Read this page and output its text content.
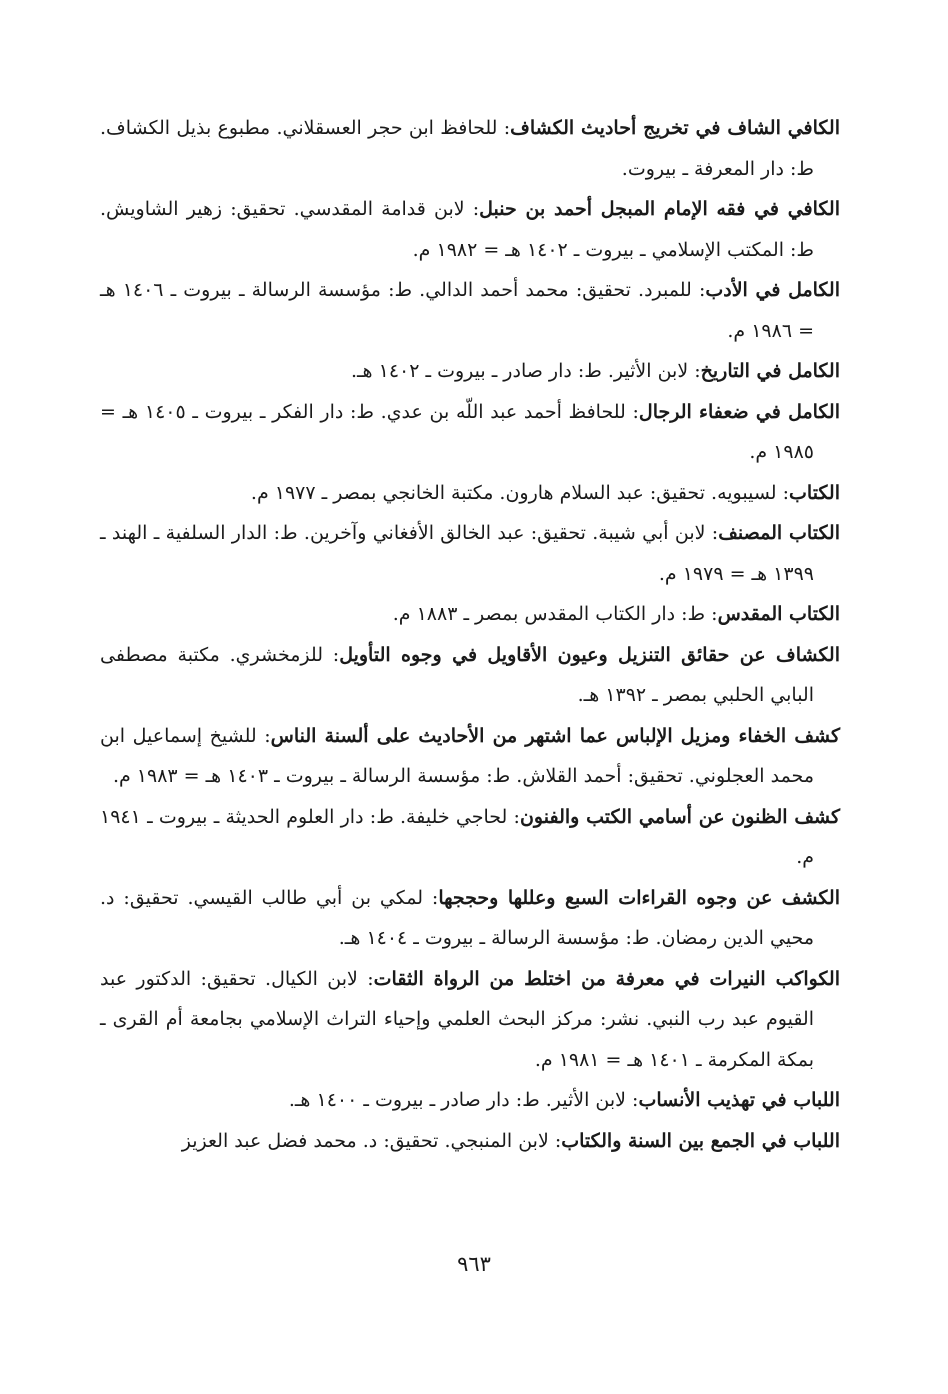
الكافي الشاف في تخريج أحاديث الكشاف: للحافظ ابن حجر العسقلاني. مطبوع بذيل الكشاف. ط: دار المعرفة ـ بيروت.

الكافي في فقه الإمام المبجل أحمد بن حنبل: لابن قدامة المقدسي. تحقيق: زهير الشاويش. ط: المكتب الإسلامي ـ بيروت ـ ١٤٠٢ هـ = ١٩٨٢ م.

الكامل في الأدب: للمبرد. تحقيق: محمد أحمد الدالي. ط: مؤسسة الرسالة ـ بيروت ـ ١٤٠٦ هـ = ١٩٨٦ م.

الكامل في التاريخ: لابن الأثير. ط: دار صادر ـ بيروت ـ ١٤٠٢ هـ.

الكامل في ضعفاء الرجال: للحافظ أحمد عبد اللّه بن عدي. ط: دار الفكر ـ بيروت ـ ١٤٠٥ هـ = ١٩٨٥ م.

الكتاب: لسيبويه. تحقيق: عبد السلام هارون. مكتبة الخانجي بمصر ـ ١٩٧٧ م.

الكتاب المصنف: لابن أبي شيبة. تحقيق: عبد الخالق الأفغاني وآخرين. ط: الدار السلفية ـ الهند ـ ١٣٩٩ هـ = ١٩٧٩ م.

الكتاب المقدس: ط: دار الكتاب المقدس بمصر ـ ١٨٨٣ م.

الكشاف عن حقائق التنزيل وعيون الأقاويل في وجوه التأويل: للزمخشري. مكتبة مصطفى البابي الحلبي بمصر ـ ١٣٩٢ هـ.

كشف الخفاء ومزيل الإلباس عما اشتهر من الأحاديث على ألسنة الناس: للشيخ إسماعيل ابن محمد العجلوني. تحقيق: أحمد القلاش. ط: مؤسسة الرسالة ـ بيروت ـ ١٤٠٣ هـ = ١٩٨٣ م.

كشف الظنون عن أسامي الكتب والفنون: لحاجي خليفة. ط: دار العلوم الحديثة ـ بيروت ـ ١٩٤١ م.

الكشف عن وجوه القراءات السبع وعللها وحججها: لمكي بن أبي طالب القيسي. تحقيق: د. محيي الدين رمضان. ط: مؤسسة الرسالة ـ بيروت ـ ١٤٠٤ هـ.

الكواكب النيرات في معرفة من اختلط من الرواة الثقات: لابن الكيال. تحقيق: الدكتور عبد القيوم عبد رب النبي. نشر: مركز البحث العلمي وإحياء التراث الإسلامي بجامعة أم القرى ـ بمكة المكرمة ـ ١٤٠١ هـ = ١٩٨١ م.

اللباب في تهذيب الأنساب: لابن الأثير. ط: دار صادر ـ بيروت ـ ١٤٠٠ هـ.

اللباب في الجمع بين السنة والكتاب: لابن المنبجي. تحقيق: د. محمد فضل عبد العزيز

٩٦٣
